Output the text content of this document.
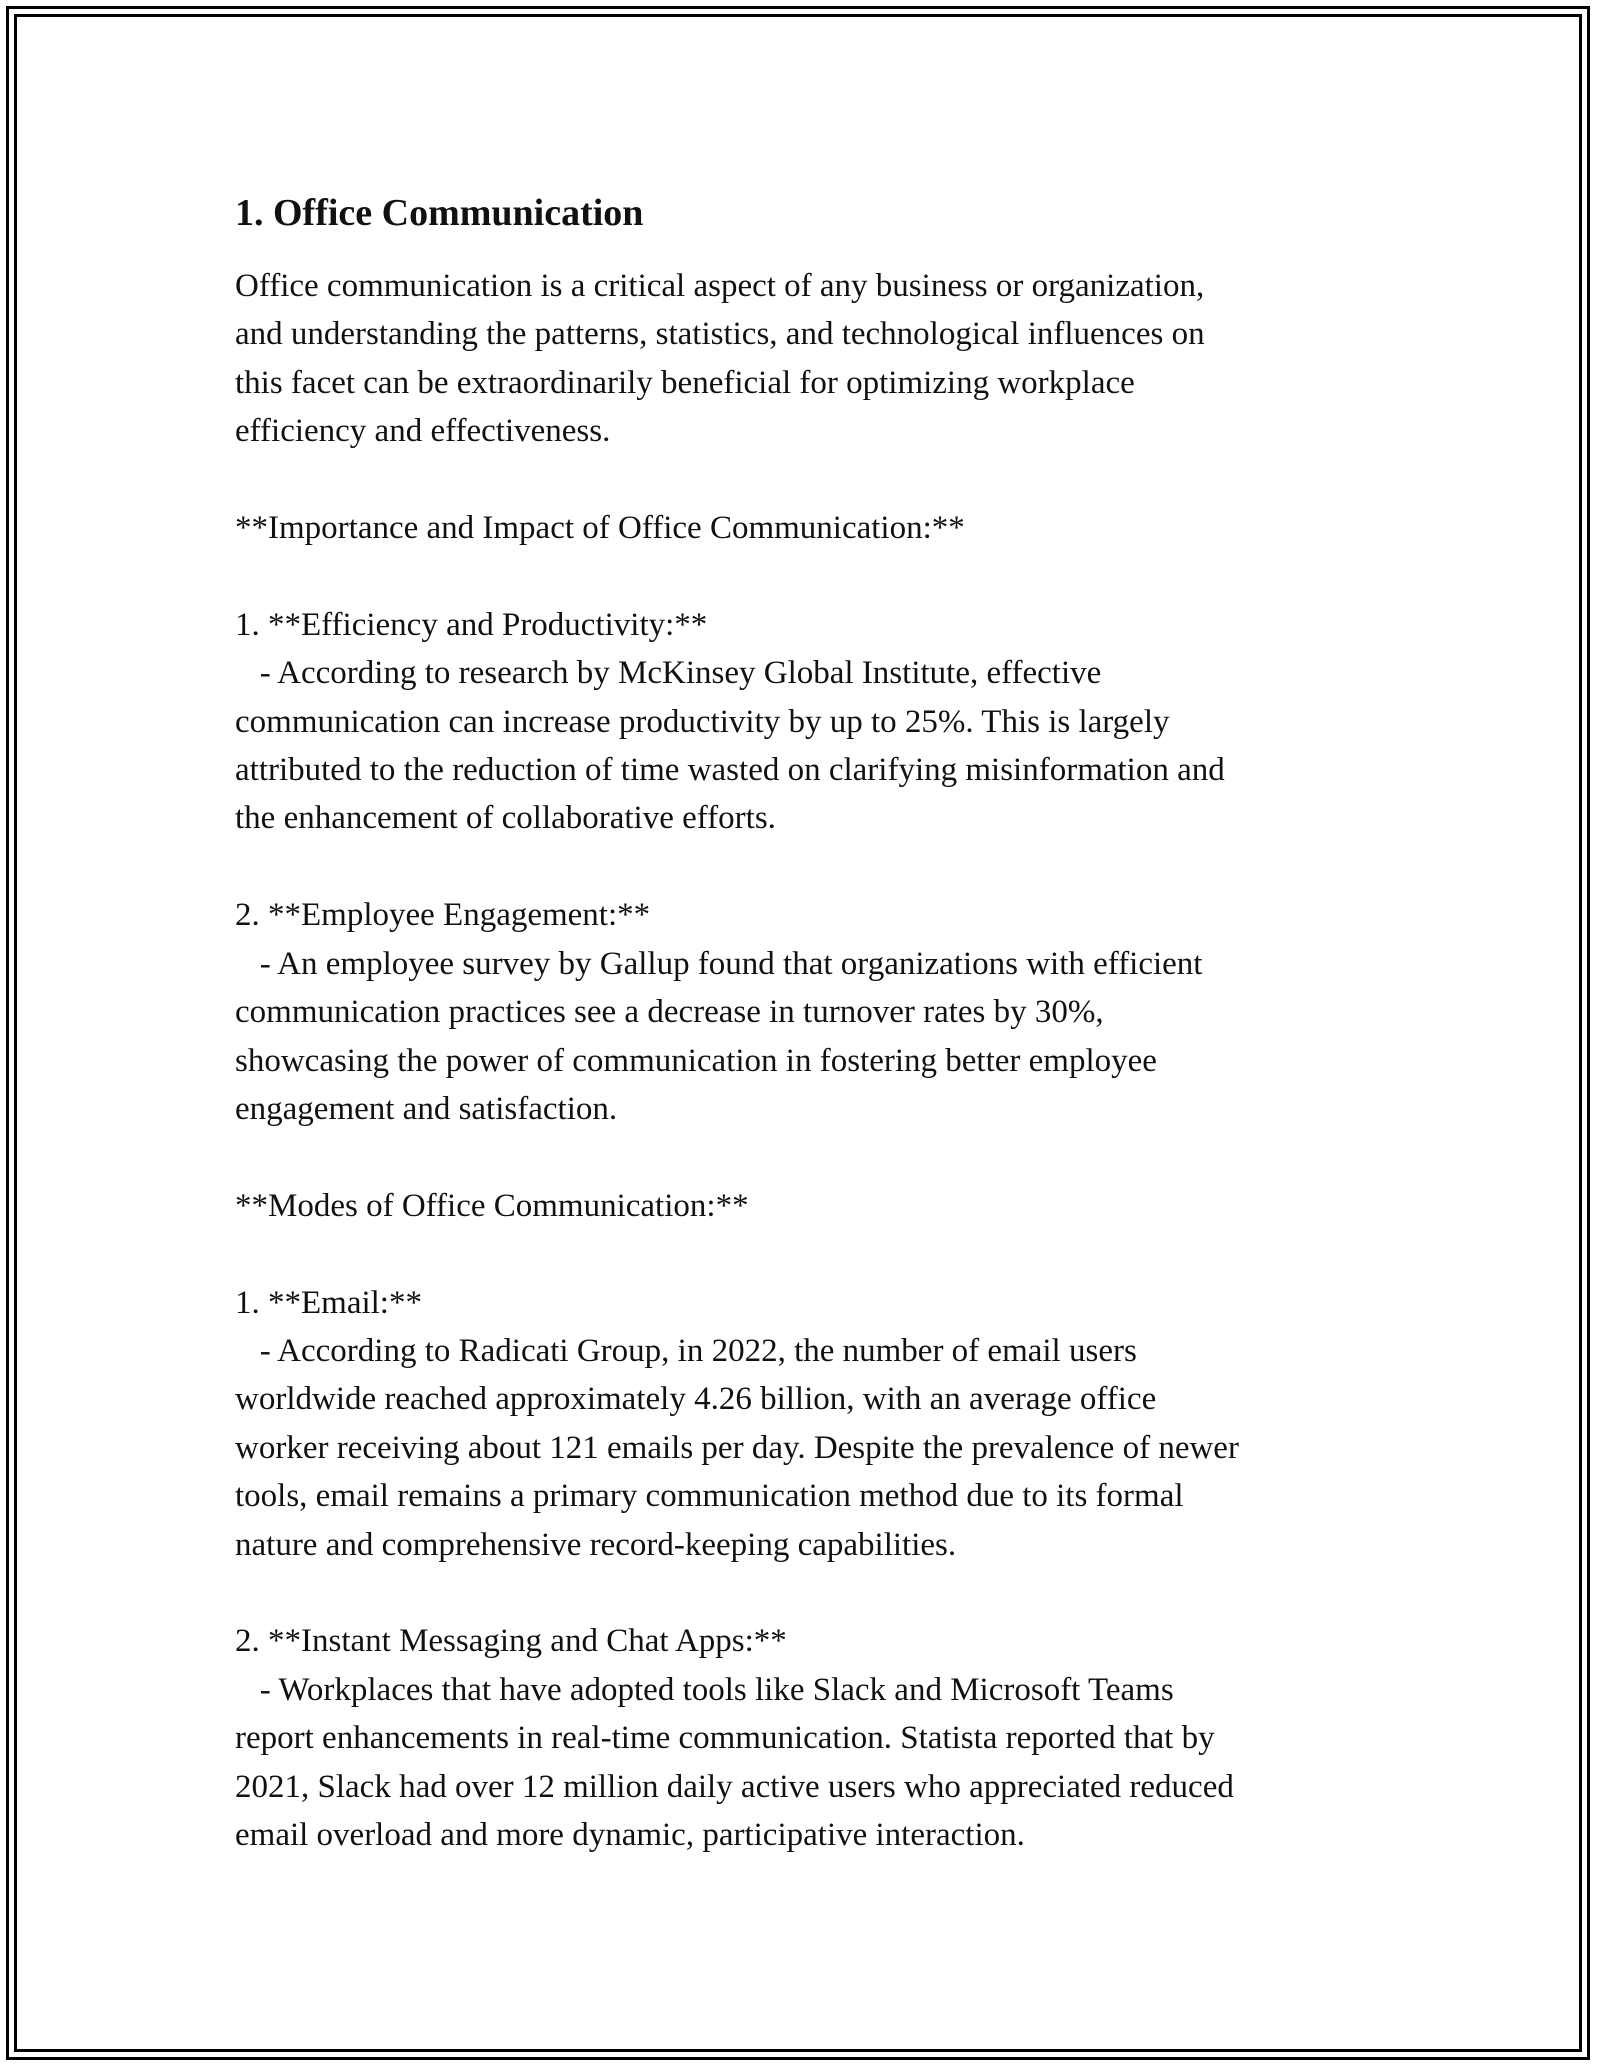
1. Office Communication

Office communication is a critical aspect of any business or organization,
and understanding the patterns, statistics, and technological influences on
this facet can be extraordinarily beneficial for optimizing workplace
efficiency and effectiveness.

**Importance and Impact of Office Communication:**

1. **Efficiency and Productivity:**
- According to research by McKinsey Global Institute, effective
communication can increase productivity by up to 25%. This is largely
attributed to the reduction of time wasted on clarifying misinformation and
the enhancement of collaborative efforts.

2. **Employee Engagement:**
- An employee survey by Gallup found that organizations with efficient
communication practices see a decrease in turnover rates by 30%,
showcasing the power of communication in fostering better employee
engagement and satisfaction.

**Modes of Office Communication:**

1. **Email:**
- According to Radicati Group, in 2022, the number of email users
worldwide reached approximately 4.26 billion, with an average office
worker receiving about 121 emails per day. Despite the prevalence of newer
tools, email remains a primary communication method due to its formal
nature and comprehensive record-keeping capabilities.

2. **Instant Messaging and Chat Apps:**
- Workplaces that have adopted tools like Slack and Microsoft Teams
report enhancements in real-time communication. Statista reported that by
2021, Slack had over 12 million daily active users who appreciated reduced
email overload and more dynamic, participative interaction.
